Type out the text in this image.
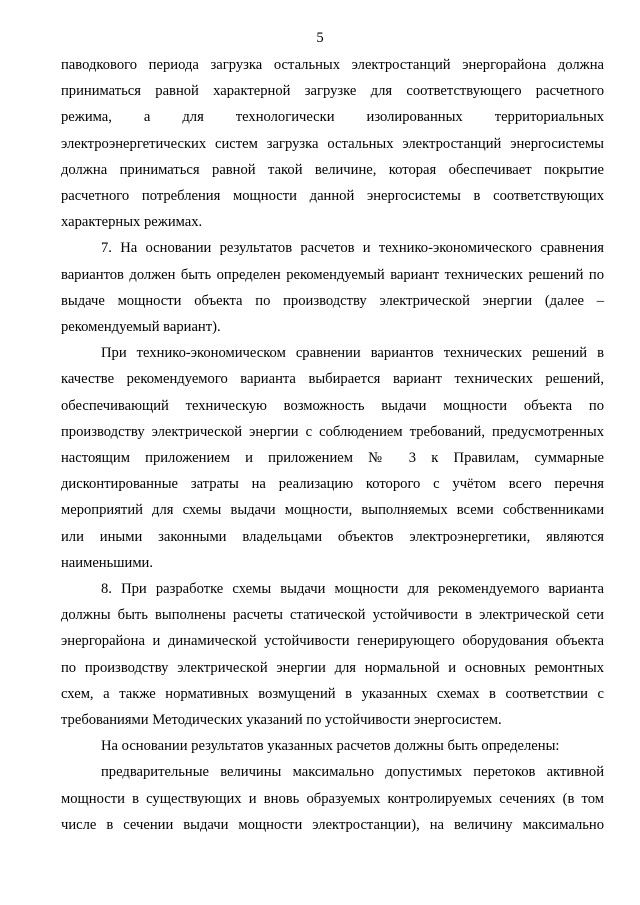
5
паводкового периода загрузка остальных электростанций энергорайона должна
приниматься равной характерной загрузке для соответствующего расчетного
режима, а для технологически изолированных территориальных
электроэнергетических систем загрузка остальных электростанций энергосистемы
должна приниматься равной такой величине, которая обеспечивает покрытие
расчетного потребления мощности данной энергосистемы в соответствующих
характерных режимах.
7. На основании результатов расчетов и технико-экономического сравнения
вариантов должен быть определен рекомендуемый вариант технических решений по
выдаче мощности объекта по производству электрической энергии (далее –
рекомендуемый вариант).
При технико-экономическом сравнении вариантов технических решений в
качестве рекомендуемого варианта выбирается вариант технических решений,
обеспечивающий техническую возможность выдачи мощности объекта по
производству электрической энергии с соблюдением требований, предусмотренных
настоящим приложением и приложением № 3 к Правилам, суммарные
дисконтированные затраты на реализацию которого с учётом всего перечня
мероприятий для схемы выдачи мощности, выполняемых всеми собственниками
или иными законными владельцами объектов электроэнергетики, являются
наименьшими.
8. При разработке схемы выдачи мощности для рекомендуемого варианта
должны быть выполнены расчеты статической устойчивости в электрической сети
энергорайона и динамической устойчивости генерирующего оборудования объекта
по производству электрической энергии для нормальной и основных ремонтных
схем, а также нормативных возмущений в указанных схемах в соответствии с
требованиями Методических указаний по устойчивости энергосистем.
На основании результатов указанных расчетов должны быть определены:
предварительные величины максимально допустимых перетоков активной
мощности в существующих и вновь образуемых контролируемых сечениях (в том
числе в сечении выдачи мощности электростанции), на величину максимально
